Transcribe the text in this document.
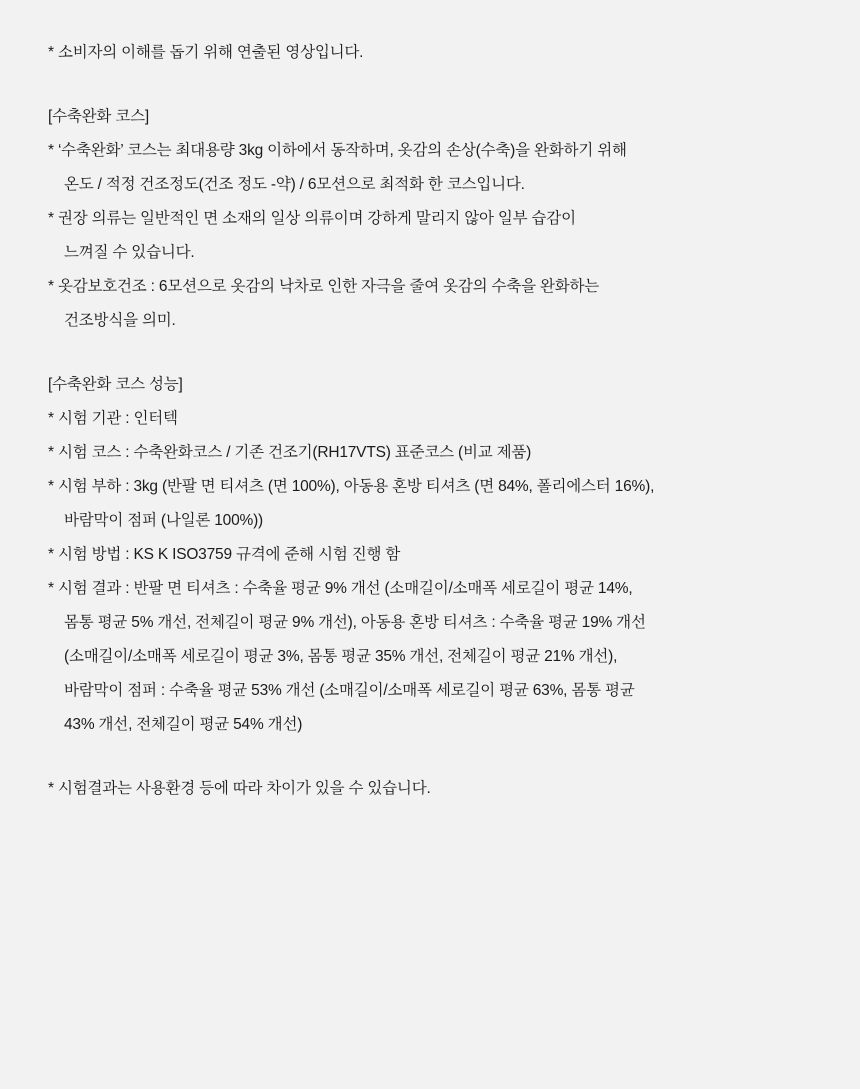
* 소비자의 이해를 돕기 위해 연출된 영상입니다.
[수축완화 코스]
* ‘수축완화’ 코스는 최대용량 3kg 이하에서 동작하며, 옷감의 손상(수축)을 완화하기 위해
온도 / 적정 건조정도(건조 정도 -약) / 6모션으로 최적화 한 코스입니다.
* 권장 의류는 일반적인 면 소재의 일상 의류이며 강하게 말리지 않아 일부 습감이
느껴질 수 있습니다.
* 옷감보호건조 : 6모션으로 옷감의 낙차로 인한 자극을 줄여 옷감의 수축을 완화하는
건조방식을 의미.
[수축완화 코스 성능]
* 시험 기관 : 인터텍
* 시험 코스 : 수축완화코스 / 기존 건조기(RH17VTS) 표준코스 (비교 제품)
* 시험 부하 : 3kg (반팔 면 티셔츠 (면 100%), 아동용 혼방 티셔츠 (면 84%, 폴리에스터 16%),
바람막이 점퍼 (나일론 100%))
* 시험 방법 : KS K ISO3759 규격에 준해 시험 진행 함
* 시험 결과 : 반팔 면 티셔츠 : 수축율 평균 9% 개선 (소매길이/소매폭 세로길이 평균 14%,
몸통 평균 5% 개선, 전체길이 평균 9% 개선), 아동용 혼방 티셔츠 : 수축율 평균 19% 개선
(소매길이/소매폭 세로길이 평균 3%, 몸통 평균 35% 개선, 전체길이 평균 21% 개선),
바람막이 점퍼 : 수축율 평균 53% 개선 (소매길이/소매폭 세로길이 평균 63%, 몸통 평균
43% 개선, 전체길이 평균 54% 개선)
* 시험결과는 사용환경 등에 따라 차이가 있을 수 있습니다.
